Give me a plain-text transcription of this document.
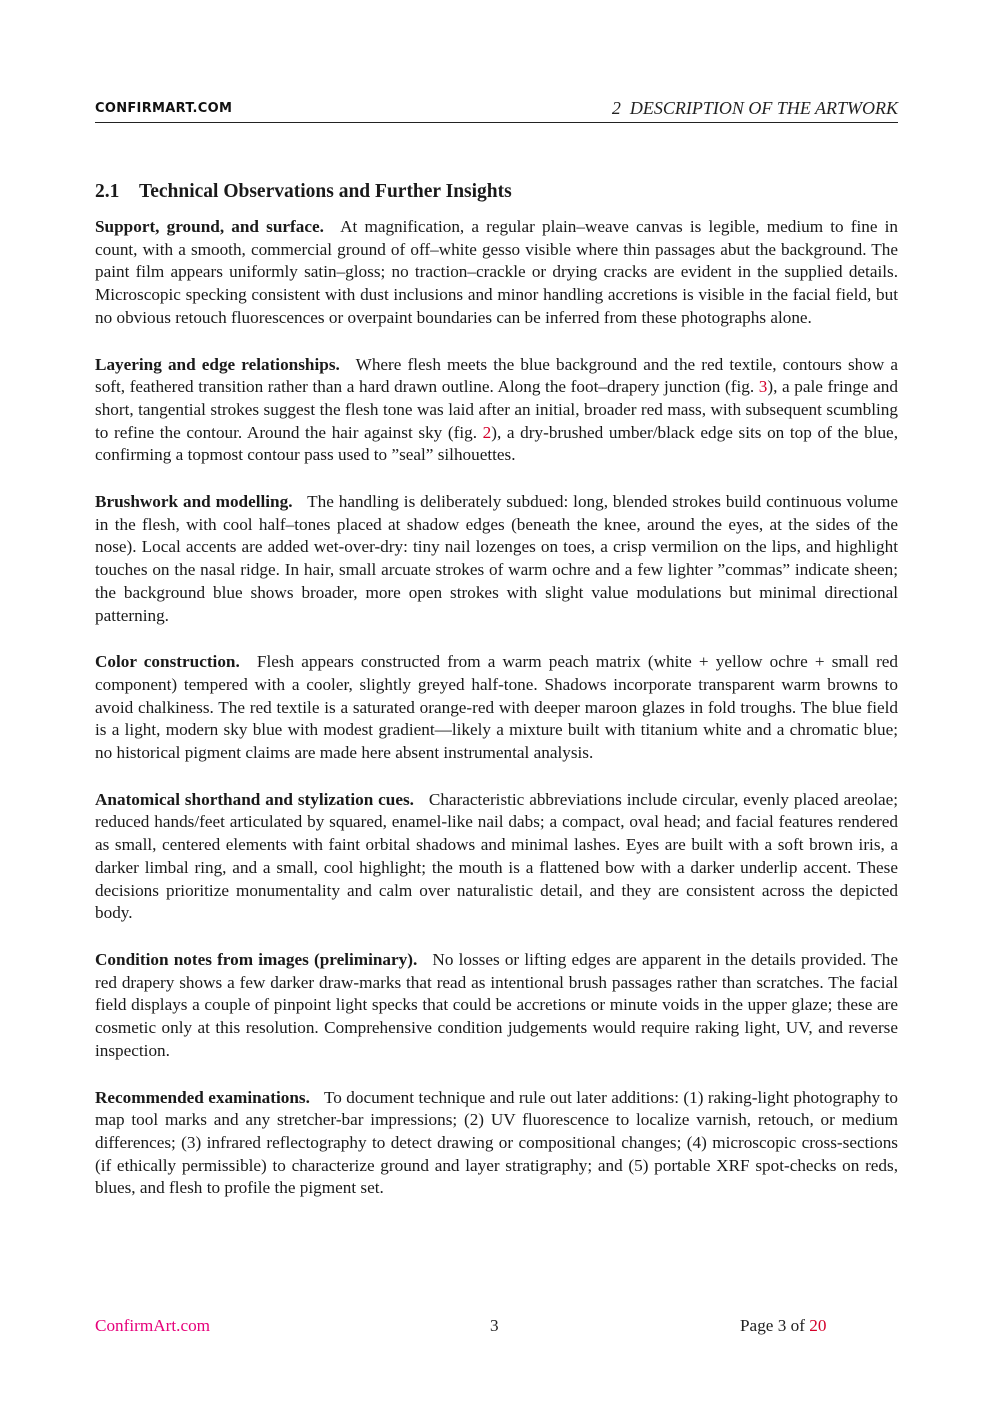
CONFIRMART.COM	2 DESCRIPTION OF THE ARTWORK
2.1 Technical Observations and Further Insights

Support, ground, and surface. At magnification, a regular plain–weave canvas is legible, medium to fine in count, with a smooth, commercial ground of off–white gesso visible where thin passages abut the background. The paint film appears uniformly satin–gloss; no traction–crackle or drying cracks are evident in the supplied details. Microscopic specking consistent with dust inclusions and minor handling accretions is visible in the facial field, but no obvious retouch fluorescences or overpaint boundaries can be inferred from these photographs alone.

Layering and edge relationships. Where flesh meets the blue background and the red textile, contours show a soft, feathered transition rather than a hard drawn outline. Along the foot–drapery junction (fig. 3), a pale fringe and short, tangential strokes suggest the flesh tone was laid after an initial, broader red mass, with subsequent scumbling to refine the contour. Around the hair against sky (fig. 2), a dry-brushed umber/black edge sits on top of the blue, confirming a topmost contour pass used to ”seal” silhouettes.

Brushwork and modelling. The handling is deliberately subdued: long, blended strokes build continuous volume in the flesh, with cool half–tones placed at shadow edges (beneath the knee, around the eyes, at the sides of the nose). Local accents are added wet-over-dry: tiny nail lozenges on toes, a crisp vermilion on the lips, and highlight touches on the nasal ridge. In hair, small arcuate strokes of warm ochre and a few lighter ”commas” indicate sheen; the background blue shows broader, more open strokes with slight value modulations but minimal directional patterning.

Color construction. Flesh appears constructed from a warm peach matrix (white + yellow ochre + small red component) tempered with a cooler, slightly greyed half-tone. Shadows incorporate transparent warm browns to avoid chalkiness. The red textile is a saturated orange-red with deeper maroon glazes in fold troughs. The blue field is a light, modern sky blue with modest gradient—likely a mixture built with titanium white and a chromatic blue; no historical pigment claims are made here absent instrumental analysis.

Anatomical shorthand and stylization cues. Characteristic abbreviations include circular, evenly placed areolae; reduced hands/feet articulated by squared, enamel-like nail dabs; a compact, oval head; and facial features rendered as small, centered elements with faint orbital shadows and minimal lashes. Eyes are built with a soft brown iris, a darker limbal ring, and a small, cool highlight; the mouth is a flattened bow with a darker underlip accent. These decisions prioritize monumentality and calm over naturalistic detail, and they are consistent across the depicted body.

Condition notes from images (preliminary). No losses or lifting edges are apparent in the details provided. The red drapery shows a few darker draw-marks that read as intentional brush passages rather than scratches. The facial field displays a couple of pinpoint light specks that could be accretions or minute voids in the upper glaze; these are cosmetic only at this resolution. Comprehensive condition judgements would require raking light, UV, and reverse inspection.

Recommended examinations. To document technique and rule out later additions: (1) raking-light photography to map tool marks and any stretcher-bar impressions; (2) UV fluorescence to localize varnish, retouch, or medium differences; (3) infrared reflectography to detect drawing or compositional changes; (4) microscopic cross-sections (if ethically permissible) to characterize ground and layer stratigraphy; and (5) portable XRF spot-checks on reds, blues, and flesh to profile the pigment set.

ConfirmArt.com	3	Page 3 of 20
